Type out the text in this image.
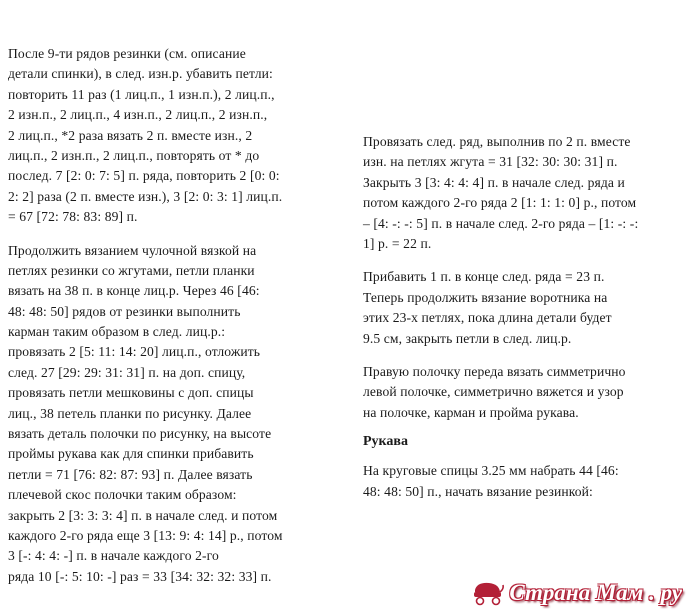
После 9-ти рядов резинки (см. описание
детали спинки), в след. изн.р. убавить петли:
повторить 11 раз (1 лиц.п., 1 изн.п.), 2 лиц.п.,
2 изн.п., 2 лиц.п., 4 изн.п., 2 лиц.п., 2 изн.п.,
2 лиц.п., *2 раза вязать 2 п. вместе изн., 2
лиц.п., 2 изн.п., 2 лиц.п., повторять от * до
послед. 7 [2: 0: 7: 5] п. ряда, повторить 2 [0: 0:
2: 2] раза (2 п. вместе изн.), 3 [2: 0: 3: 1] лиц.п.
= 67 [72: 78: 83: 89] п.
Продолжить вязанием чулочной вязкой на
петлях резинки со жгутами, петли планки
вязать на 38 п. в конце лиц.р. Через 46 [46:
48: 48: 50] рядов от резинки выполнить
карман таким образом в след. лиц.р.:
провязать 2 [5: 11: 14: 20] лиц.п., отложить
след. 27 [29: 29: 31: 31] п. на доп. спицу,
провязать петли мешковины с доп. спицы
лиц., 38 петель планки по рисунку. Далее
вязать деталь полочки по рисунку, на высоте
проймы рукава как для спинки прибавить
петли = 71 [76: 82: 87: 93] п. Далее вязать
плечевой скос полочки таким образом:
закрыть 2 [3: 3: 3: 4] п. в начале след. и потом
каждого 2-го ряда еще 3 [13: 9: 4: 14] р., потом
3 [-: 4: 4: -] п. в начале каждого 2-го
ряда 10 [-: 5: 10: -] раз = 33 [34: 32: 32: 33] п.
Провязать след. ряд, выполнив по 2 п. вместе
изн. на петлях жгута = 31 [32: 30: 30: 31] п.
Закрыть 3 [3: 4: 4: 4] п. в начале след. ряда и
потом каждого 2-го ряда 2 [1: 1: 1: 0] р., потом
– [4: -: -: 5] п. в начале след. 2-го ряда – [1: -: -:
1] р. = 22 п.
Прибавить 1 п. в конце след. ряда = 23 п.
Теперь продолжить вязание воротника на
этих 23-х петлях, пока длина детали будет
9.5 см, закрыть петли в след. лиц.р.
Правую полочку переда вязать симметрично
левой полочке, симметрично вяжется и узор
на полочке, карман и пройма рукава.
Рукава
На круговые спицы 3.25 мм набрать 44 [46:
48: 48: 50] п., начать вязание резинкой:
Страна Мам . ру
